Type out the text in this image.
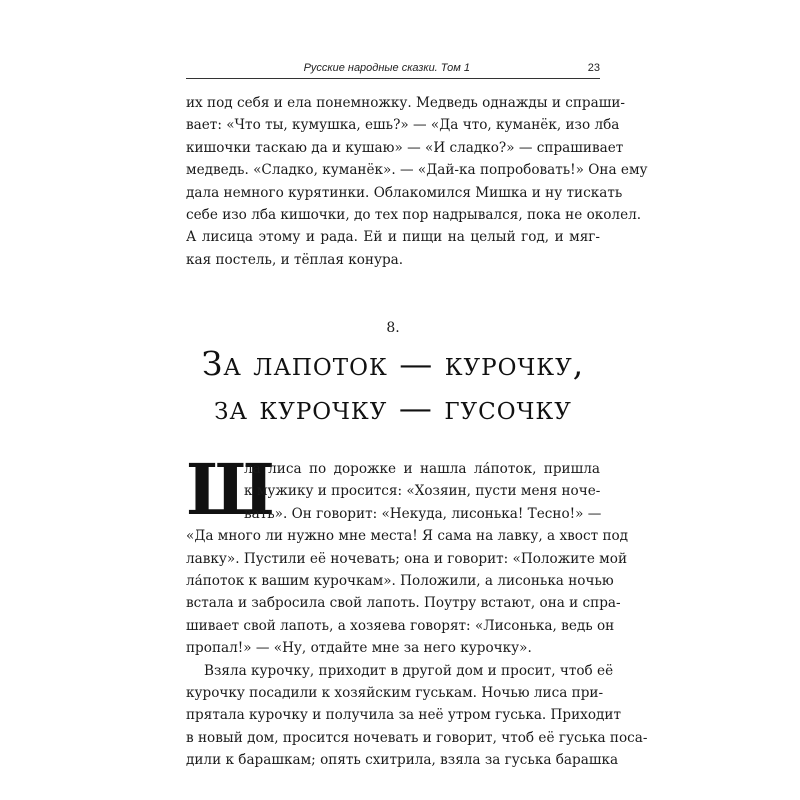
Русские народные сказки. Том 1	23
их под себя и ела понемножку. Медведь однажды и спраши-
вает: «Что ты, кумушка, ешь?» — «Да что, куманёк, изо лба
кишочки таскаю да и кушаю» — «И сладко?» — спрашивает
медведь. «Сладко, куманёк». — «Дай-ка попробовать!» Она ему
дала немного курятинки. Облакомился Мишка и ну тискать
себе изо лба кишочки, до тех пор надрывался, пока не околел.
А лисица этому и рада. Ей и пищи на целый год, и мяг-
кая постель, и тёплая конура.
8.
За лапоток — курочку,
за курочку — гусочку
Ш
ла лиса по дорожке и нашла ла́поток, пришла
к мужику и просится: «Хозяин, пусти меня ноче-
вать». Он говорит: «Некуда, лисонька! Тесно!» —
«Да много ли нужно мне места! Я сама на лавку, а хвост под
лавку». Пустили её ночевать; она и говорит: «Положите мой
ла́поток к вашим курочкам». Положили, а лисонька ночью
встала и забросила свой лапоть. Поутру встают, она и спра-
шивает свой лапоть, а хозяева говорят: «Лисонька, ведь он
пропал!» — «Ну, отдайте мне за него курочку».
Взяла курочку, приходит в другой дом и просит, чтоб её
курочку посадили к хозяйским гуськам. Ночью лиса при-
прятала курочку и получила за неё утром гуська. Приходит
в новый дом, просится ночевать и говорит, чтоб её гуська поса-
дили к барашкам; опять схитрила, взяла за гуська барашка
